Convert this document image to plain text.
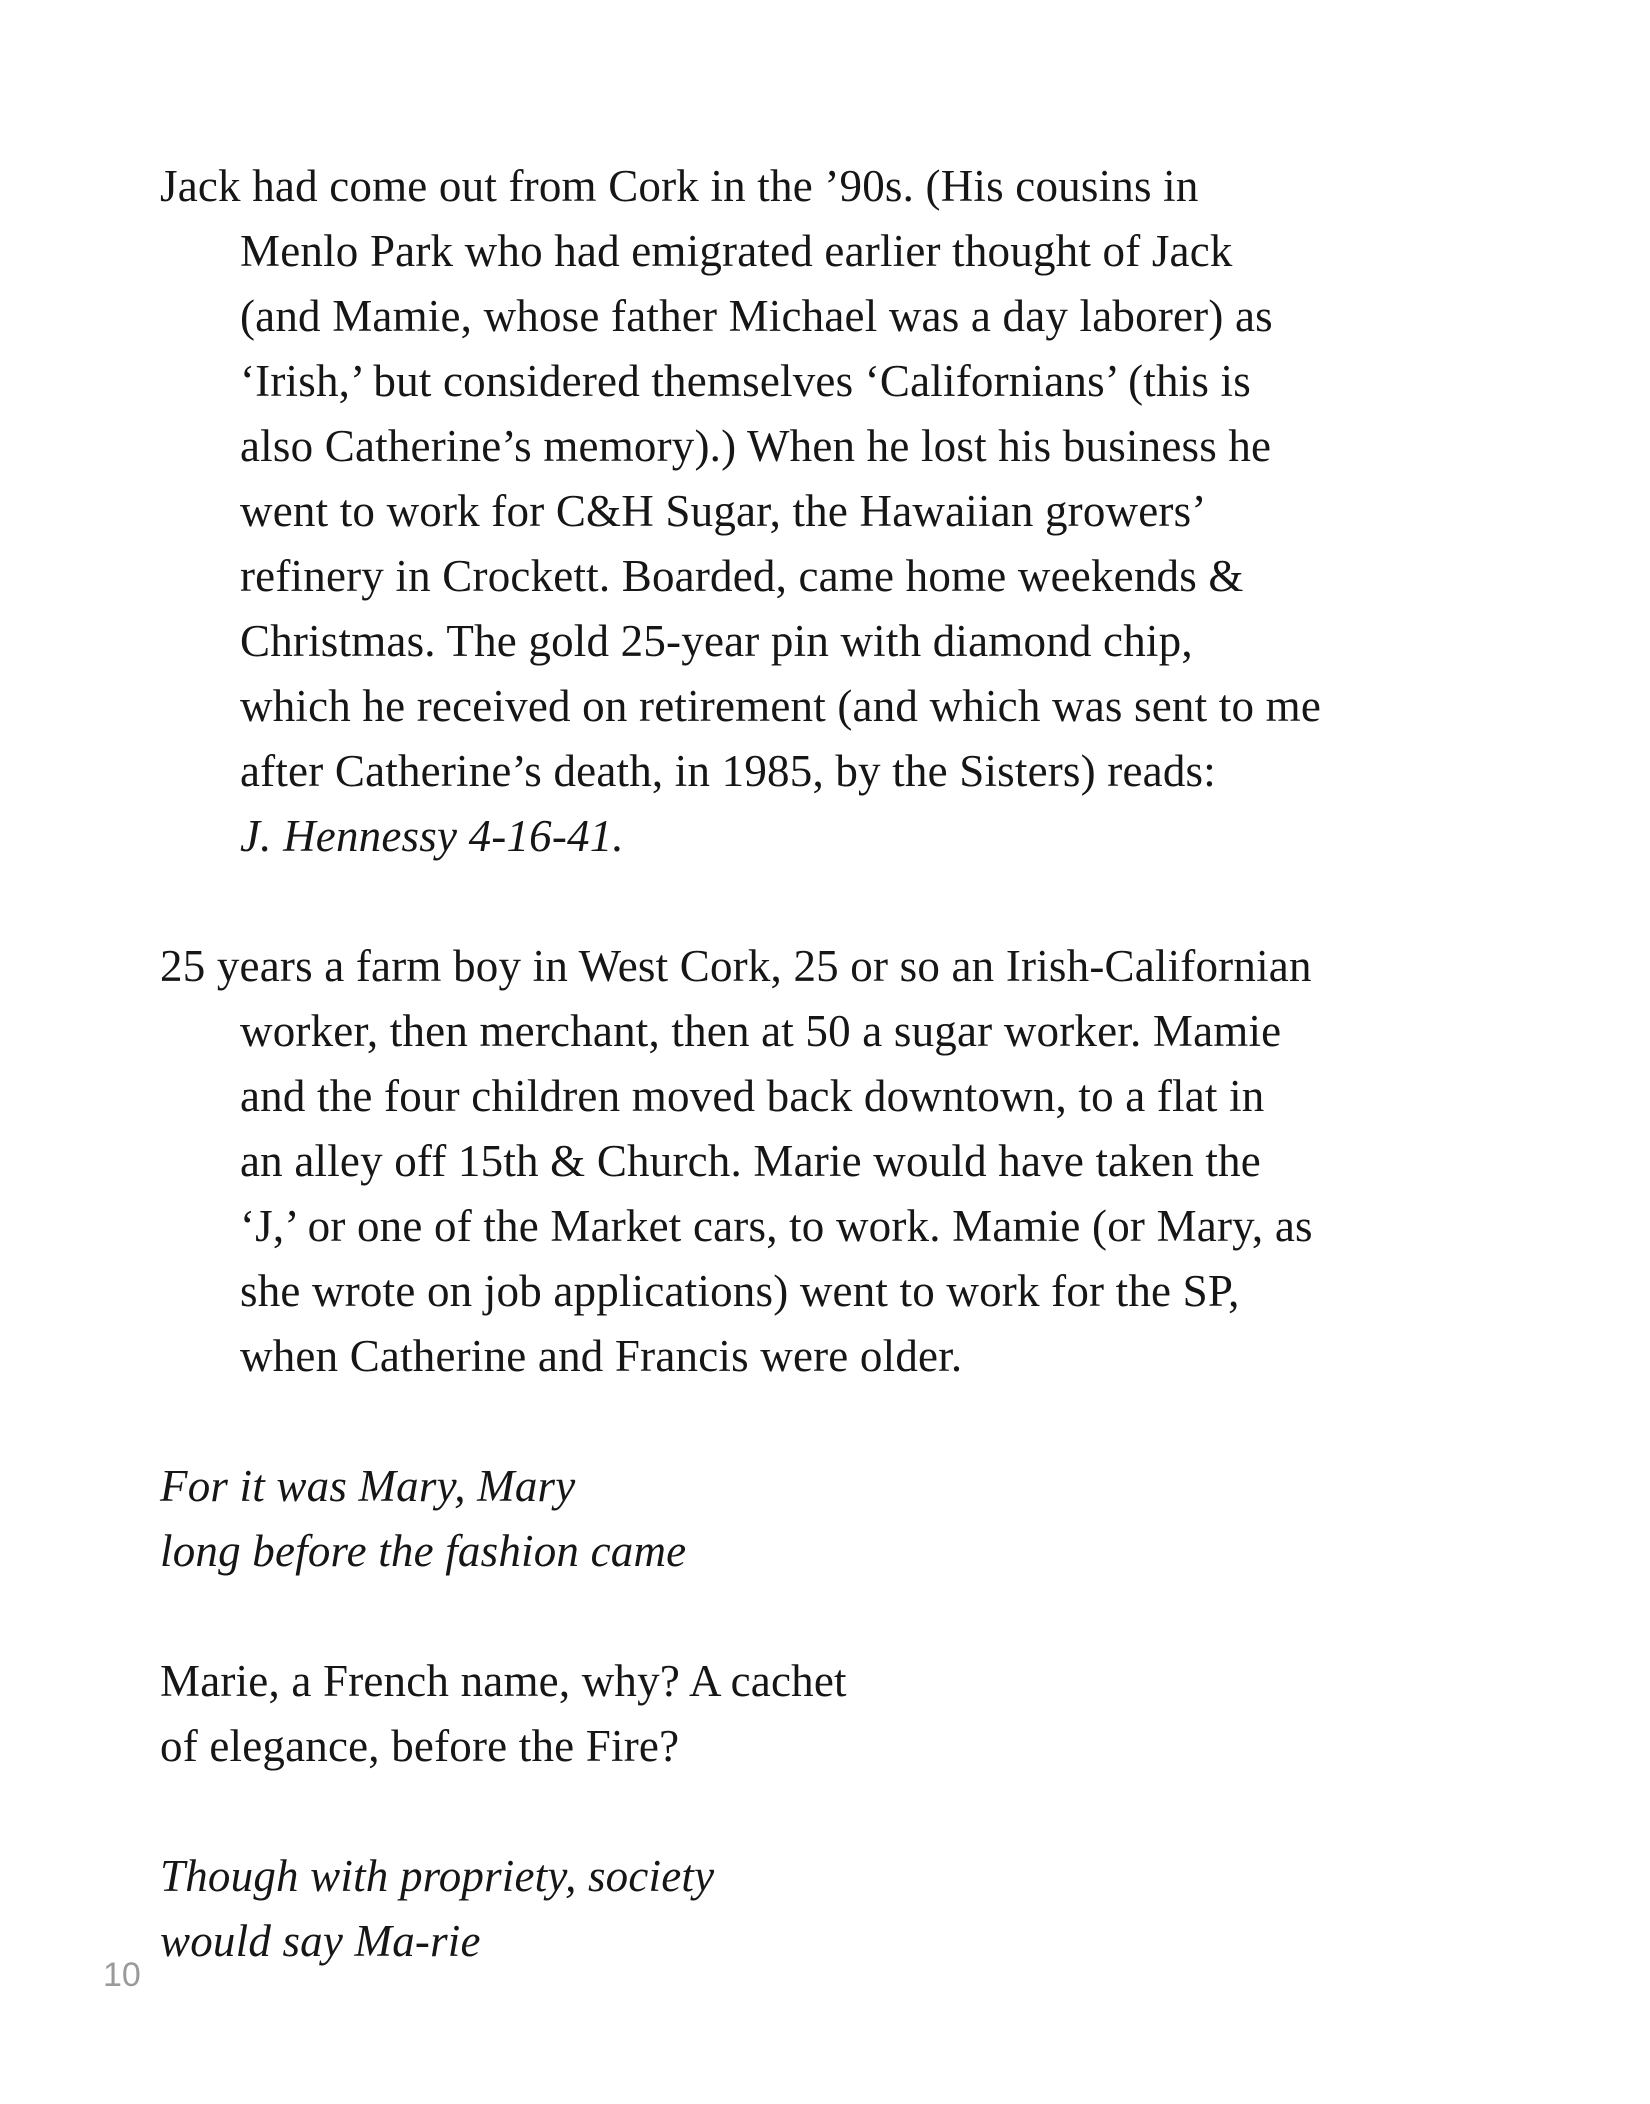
Jack had come out from Cork in the ’90s. (His cousins in
Menlo Park who had emigrated earlier thought of Jack
(and Mamie, whose father Michael was a day laborer) as
‘Irish,’ but considered themselves ‘Californians’ (this is
also Catherine’s memory).) When he lost his business he
went to work for C&H Sugar, the Hawaiian growers’
refinery in Crockett. Boarded, came home weekends &
Christmas. The gold 25-year pin with diamond chip,
which he received on retirement (and which was sent to me
after Catherine’s death, in 1985, by the Sisters) reads:
J. Hennessy 4-16-41.
25 years a farm boy in West Cork, 25 or so an Irish-Californian
worker, then merchant, then at 50 a sugar worker. Mamie
and the four children moved back downtown, to a flat in
an alley off 15th & Church. Marie would have taken the
‘J,’ or one of the Market cars, to work. Mamie (or Mary, as
she wrote on job applications) went to work for the SP,
when Catherine and Francis were older.
For it was Mary, Mary
long before the fashion came
Marie, a French name, why? A cachet
of elegance, before the Fire?
Though with propriety, society
would say Ma-rie
10
